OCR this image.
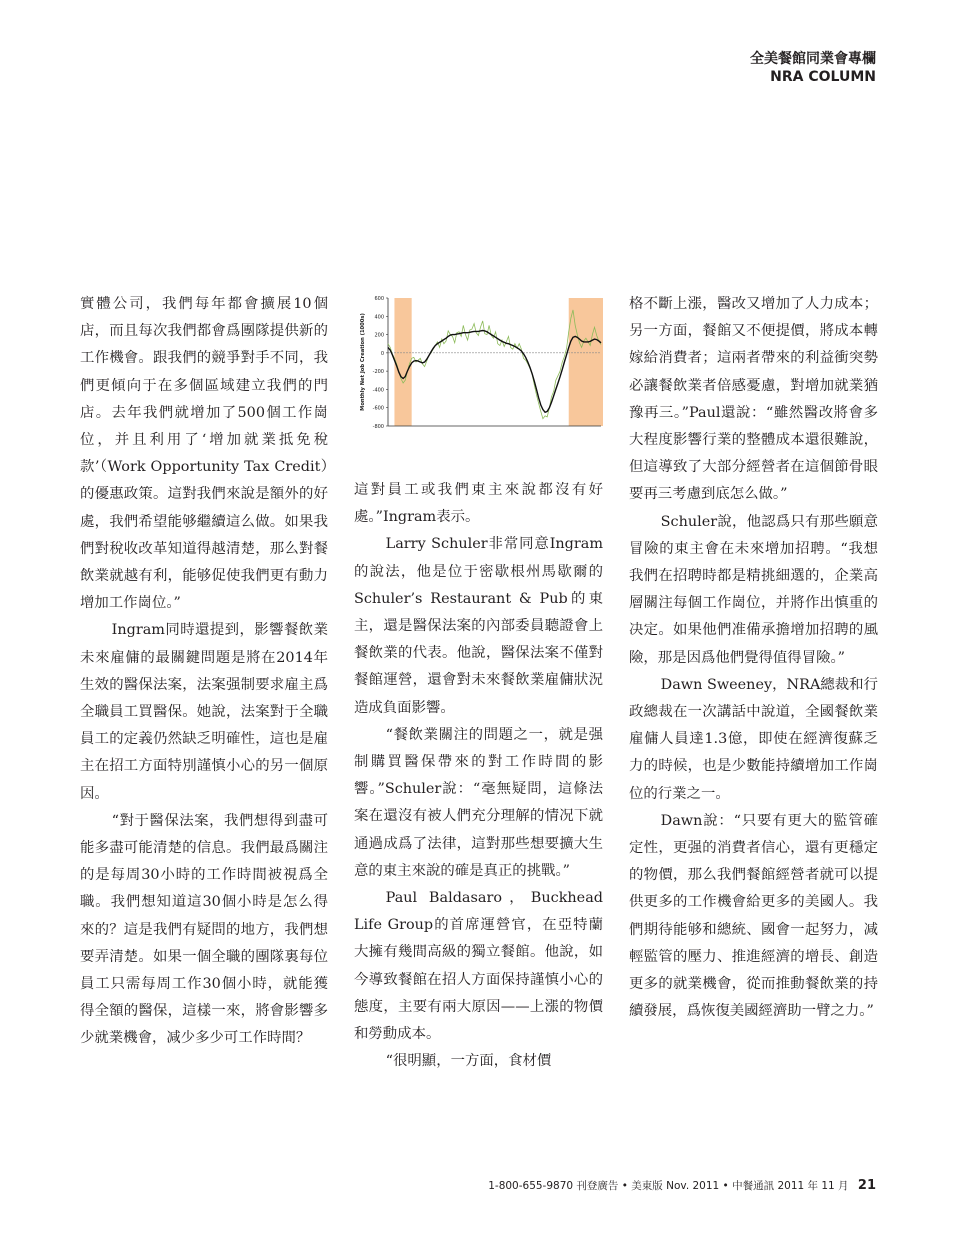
全美餐館同業會專欄
NRA COLUMN

實體公司，我們每年都會擴展10個店，而且每次我們都會爲團隊提供新的工作機會。跟我們的競爭對手不同，我們更傾向于在多個區域建立我們的門店。去年我們就增加了500個工作崗位，并且利用了‘增加就業抵免稅款’（Work Opportunity Tax Credit）的優惠政策。這對我們來說是額外的好處，我們希望能够繼續這么做。如果我們對稅收改革知道得越清楚，那么對餐飲業就越有利，能够促使我們更有動力增加工作崗位。”

Ingram同時還提到，影響餐飲業未來雇傭的最關鍵問題是將在2014年生效的醫保法案，法案强制要求雇主爲全職員工買醫保。她說，法案對于全職員工的定義仍然缺乏明確性，這也是雇主在招工方面特別謹慎小心的另一個原因。

“對于醫保法案，我們想得到盡可能多盡可能清楚的信息。我們最爲關注的是每周30小時的工作時間被視爲全職。我們想知道這30個小時是怎么得來的？這是我們有疑問的地方，我們想要弄清楚。如果一個全職的團隊裏每位員工只需每周工作30個小時，就能獲得全額的醫保，這樣一來，將會影響多少就業機會，减少多少可工作時間？

600
400
200
0
-200
-400
-600
-800
Monthly Net Job Creation (1000s)

這對員工或我們東主來說都沒有好處。”Ingram表示。

Larry Schuler非常同意Ingram的說法，他是位于密歇根州馬歇爾的Schuler’s Restaurant & Pub的東主，還是醫保法案的內部委員聽證會上餐飲業的代表。他說，醫保法案不僅對餐館運營，還會對未來餐飲業雇傭狀況造成負面影響。

“餐飲業關注的問題之一，就是强制購買醫保帶來的對工作時間的影響。”Schuler說：“毫無疑問，這條法案在還沒有被人們充分理解的情况下就通過成爲了法律，這對那些想要擴大生意的東主來說的確是真正的挑戰。”

Paul Baldasaro，Buckhead Life Group的首席運營官，在亞特蘭大擁有幾間高級的獨立餐館。他說，如今導致餐館在招人方面保持謹慎小心的態度，主要有兩大原因——上漲的物價和勞動成本。

“很明顯，一方面，食材價

格不斷上漲，醫改又增加了人力成本；另一方面，餐館又不便提價，將成本轉嫁給消費者；這兩者帶來的利益衝突勢必讓餐飲業者倍感憂慮，對增加就業猶豫再三。”Paul還說：“雖然醫改將會多大程度影響行業的整體成本還很難說，但這導致了大部分經營者在這個節骨眼要再三考慮到底怎么做。”

Schuler說，他認爲只有那些願意冒險的東主會在未來增加招聘。“我想我們在招聘時都是精挑細選的，企業高層關注每個工作崗位，并將作出慎重的决定。如果他們准備承擔增加招聘的風險，那是因爲他們覺得值得冒險。”

Dawn Sweeney，NRA總裁和行政總裁在一次講話中說道，全國餐飲業雇傭人員達1.3億，即使在經濟復蘇乏力的時候，也是少數能持續增加工作崗位的行業之一。

Dawn說：“只要有更大的監管確定性，更强的消費者信心，還有更穩定的物價，那么我們餐館經營者就可以提供更多的工作機會給更多的美國人。我們期待能够和總統、國會一起努力，减輕監管的壓力、推進經濟的增長、創造更多的就業機會，從而推動餐飲業的持續發展，爲恢復美國經濟助一臂之力。”

1-800-655-9870 刊登廣告 • 美東版 Nov. 2011 • 中餐通訊 2011 年 11 月 21
